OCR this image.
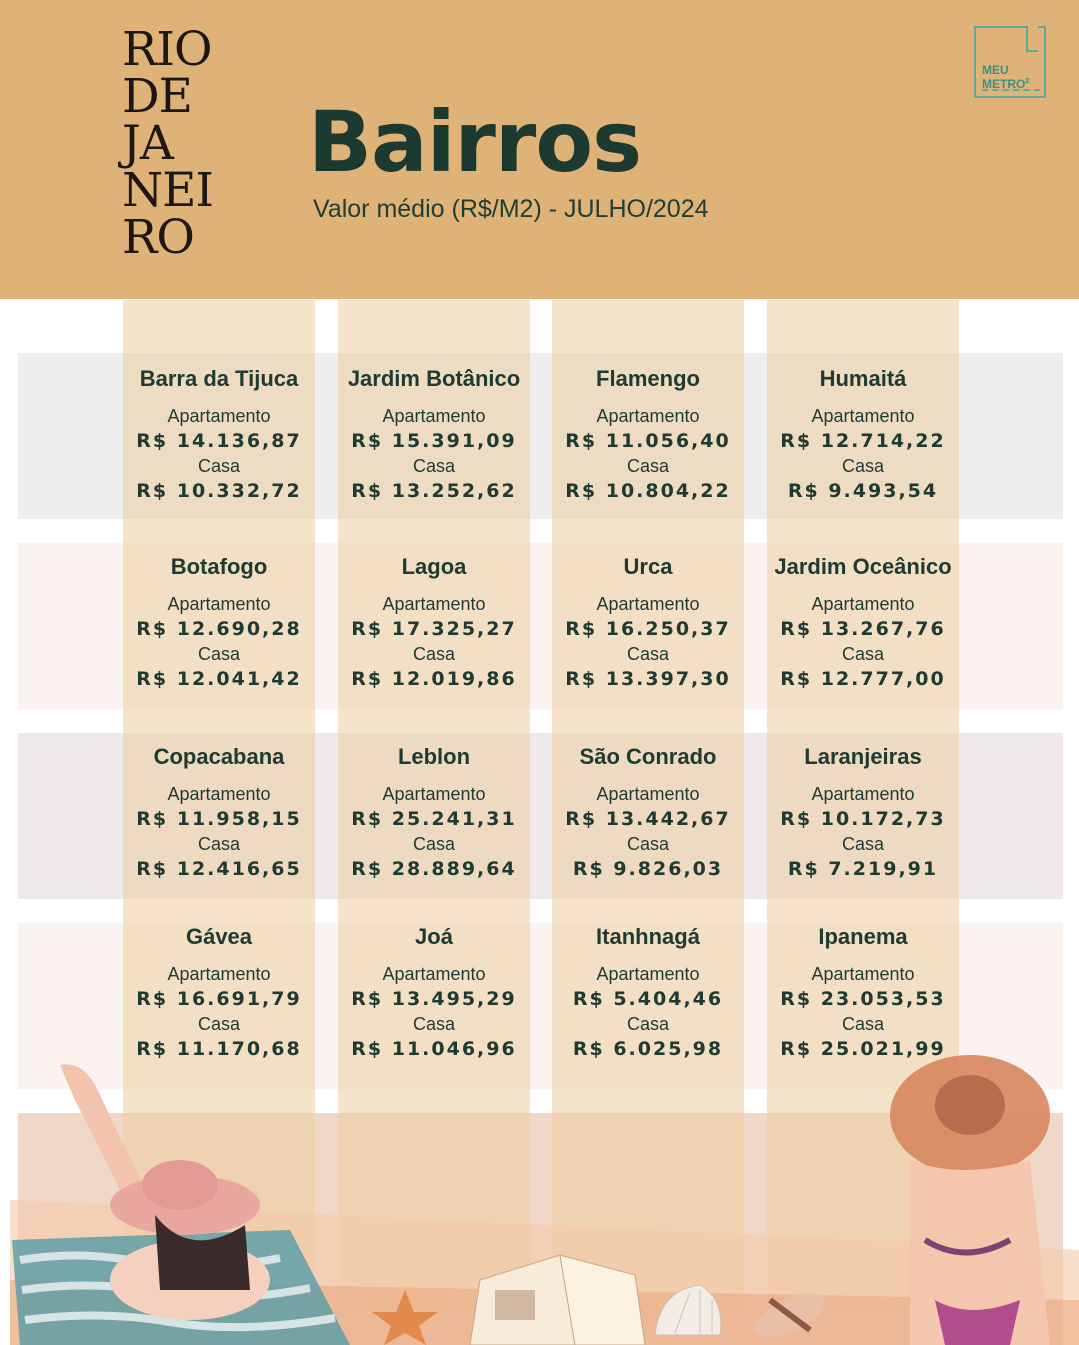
RIO
DE
JA
NEI
RO
Bairros
Valor médio (R$/M2) - JULHO/2024
MEU
METRO$^2$
Barra da Tijuca
Apartamento
R$ 14.136,87
Casa
R$ 10.332,72
Jardim Botânico
Apartamento
R$ 15.391,09
Casa
R$ 13.252,62
Flamengo
Apartamento
R$ 11.056,40
Casa
R$ 10.804,22
Humaitá
Apartamento
R$ 12.714,22
Casa
R$ 9.493,54
Botafogo
Apartamento
R$ 12.690,28
Casa
R$ 12.041,42
Lagoa
Apartamento
R$ 17.325,27
Casa
R$ 12.019,86
Urca
Apartamento
R$ 16.250,37
Casa
R$ 13.397,30
Jardim Oceânico
Apartamento
R$ 13.267,76
Casa
R$ 12.777,00
Copacabana
Apartamento
R$ 11.958,15
Casa
R$ 12.416,65
Leblon
Apartamento
R$ 25.241,31
Casa
R$ 28.889,64
São Conrado
Apartamento
R$ 13.442,67
Casa
R$ 9.826,03
Laranjeiras
Apartamento
R$ 10.172,73
Casa
R$ 7.219,91
Gávea
Apartamento
R$ 16.691,79
Casa
R$ 11.170,68
Joá
Apartamento
R$ 13.495,29
Casa
R$ 11.046,96
Itanhnagá
Apartamento
R$ 5.404,46
Casa
R$ 6.025,98
Ipanema
Apartamento
R$ 23.053,53
Casa
R$ 25.021,99
